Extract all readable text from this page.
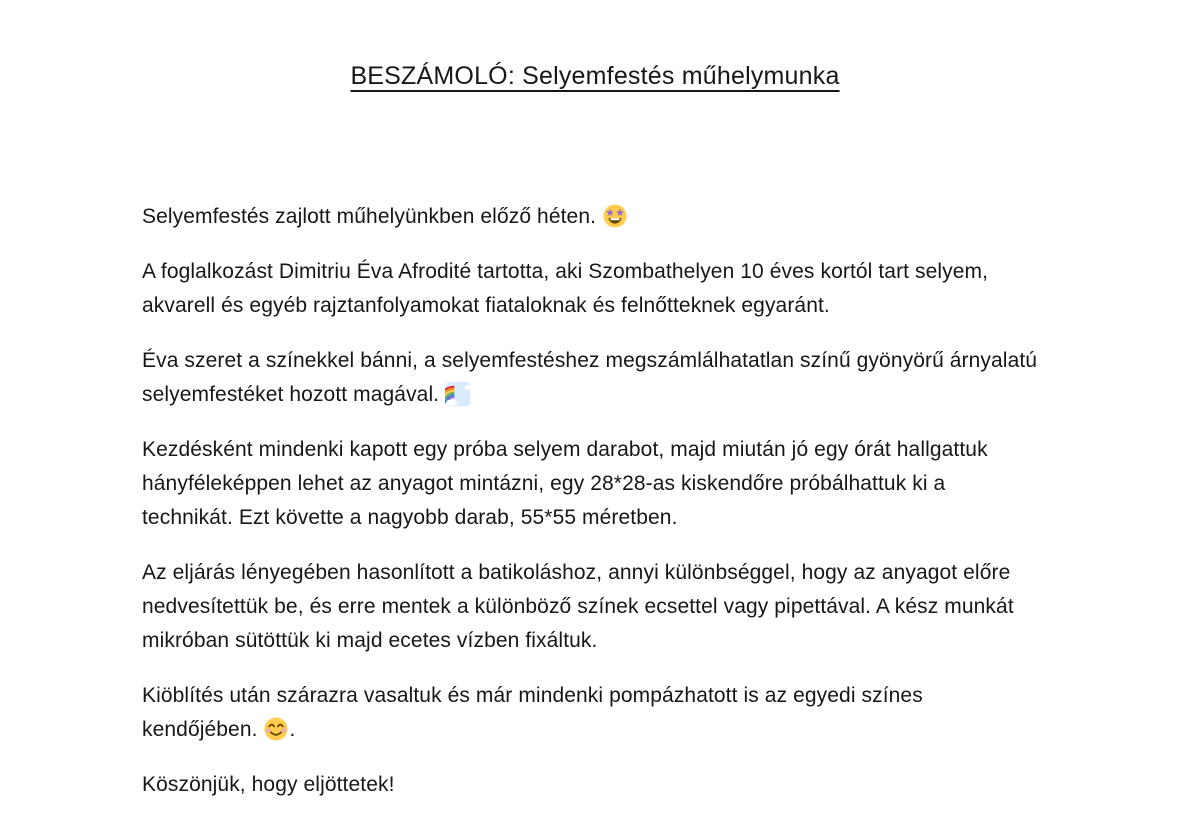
BESZÁMOLÓ: Selyemfestés műhelymunka

Selyemfestés zajlott műhelyünkben előző héten.

A foglalkozást Dimitriu Éva Afrodité tartotta, aki Szombathelyen 10 éves kortól tart selyem, akvarell és egyéb rajztanfolyamokat fiataloknak és felnőtteknek egyaránt.

Éva szeret a színekkel bánni, a selyemfestéshez megszámlálhatatlan színű gyönyörű árnyalatú selyemfestéket hozott magával.

Kezdésként mindenki kapott egy próba selyem darabot, majd miután jó egy órát hallgattuk hányféleképpen lehet az anyagot mintázni, egy 28*28-as kiskendőre próbálhattuk ki a technikát. Ezt követte a nagyobb darab, 55*55 méretben.

Az eljárás lényegében hasonlított a batikoláshoz, annyi különbséggel, hogy az anyagot előre nedvesítettük be, és erre mentek a különböző színek ecsettel vagy pipettával. A kész munkát mikróban sütöttük ki majd ecetes vízben fixáltuk.

Kiöblítés után szárazra vasaltuk és már mindenki pompázhatott is az egyedi színes kendőjében.
.

Köszönjük, hogy eljöttetek!
